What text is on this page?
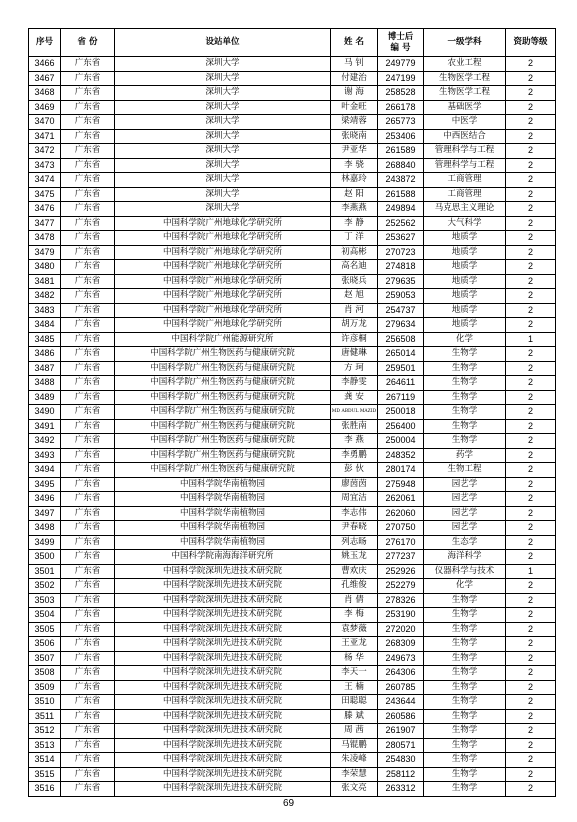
序号	省 份	设站单位	姓 名	博士后
编 号	一级学科	资助等级
3466	广东省	深圳大学	马 钊	249779	农业工程	2
3467	广东省	深圳大学	付建治	247199	生物医学工程	2
3468	广东省	深圳大学	谢 海	258528	生物医学工程	2
3469	广东省	深圳大学	叶金旺	266178	基础医学	2
3470	广东省	深圳大学	梁靖蓉	265773	中医学	2
3471	广东省	深圳大学	张晓南	253406	中西医结合	2
3472	广东省	深圳大学	尹亚华	261589	管理科学与工程	2
3473	广东省	深圳大学	李 骁	268840	管理科学与工程	2
3474	广东省	深圳大学	林嘉玲	243872	工商管理	2
3475	广东省	深圳大学	赵 阳	261588	工商管理	2
3476	广东省	深圳大学	李燕燕	249894	马克思主义理论	2
3477	广东省	中国科学院广州地球化学研究所	李 静	252562	大气科学	2
3478	广东省	中国科学院广州地球化学研究所	丁 洋	253627	地质学	2
3479	广东省	中国科学院广州地球化学研究所	初高彬	270723	地质学	2
3480	广东省	中国科学院广州地球化学研究所	高名迪	274818	地质学	2
3481	广东省	中国科学院广州地球化学研究所	张晓兵	279635	地质学	2
3482	广东省	中国科学院广州地球化学研究所	赵 旭	259053	地质学	2
3483	广东省	中国科学院广州地球化学研究所	肖 河	254737	地质学	2
3484	广东省	中国科学院广州地球化学研究所	胡万龙	279634	地质学	2
3485	广东省	中国科学院广州能源研究所	许彦桐	256508	化学	1
3486	广东省	中国科学院广州生物医药与健康研究院	唐健琳	265014	生物学	2
3487	广东省	中国科学院广州生物医药与健康研究院	方 珂	259501	生物学	2
3488	广东省	中国科学院广州生物医药与健康研究院	李静雯	264611	生物学	2
3489	广东省	中国科学院广州生物医药与健康研究院	龚 安	267119	生物学	2
3490	广东省	中国科学院广州生物医药与健康研究院	MD ABDUL MAZID	250018	生物学	2
3491	广东省	中国科学院广州生物医药与健康研究院	张胜南	256400	生物学	2
3492	广东省	中国科学院广州生物医药与健康研究院	李 燕	250004	生物学	2
3493	广东省	中国科学院广州生物医药与健康研究院	李勇鹏	248352	药学	2
3494	广东省	中国科学院广州生物医药与健康研究院	彭 伙	280174	生物工程	2
3495	广东省	中国科学院华南植物园	廖茵茵	275948	园艺学	2
3496	广东省	中国科学院华南植物园	周宜洁	262061	园艺学	2
3497	广东省	中国科学院华南植物园	李志伟	262060	园艺学	2
3498	广东省	中国科学院华南植物园	尹春晓	270750	园艺学	2
3499	广东省	中国科学院华南植物园	列志旸	276170	生态学	2
3500	广东省	中国科学院南海海洋研究所	姚玉龙	277237	海洋科学	2
3501	广东省	中国科学院深圳先进技术研究院	曹欢庆	252926	仪器科学与技术	1
3502	广东省	中国科学院深圳先进技术研究院	孔维俊	252279	化学	2
3503	广东省	中国科学院深圳先进技术研究院	肖 倩	278326	生物学	2
3504	广东省	中国科学院深圳先进技术研究院	李 梅	253190	生物学	2
3505	广东省	中国科学院深圳先进技术研究院	袁梦薇	272020	生物学	2
3506	广东省	中国科学院深圳先进技术研究院	王亚龙	268309	生物学	2
3507	广东省	中国科学院深圳先进技术研究院	杨 华	249673	生物学	2
3508	广东省	中国科学院深圳先进技术研究院	李天一	264306	生物学	2
3509	广东省	中国科学院深圳先进技术研究院	王 楠	260785	生物学	2
3510	广东省	中国科学院深圳先进技术研究院	田聪聪	243644	生物学	2
3511	广东省	中国科学院深圳先进技术研究院	滕 斌	260586	生物学	2
3512	广东省	中国科学院深圳先进技术研究院	周 茜	261907	生物学	2
3513	广东省	中国科学院深圳先进技术研究院	马锟鹏	280571	生物学	2
3514	广东省	中国科学院深圳先进技术研究院	朱凌峰	254830	生物学	2
3515	广东省	中国科学院深圳先进技术研究院	李荣慧	258112	生物学	2
3516	广东省	中国科学院深圳先进技术研究院	张文亮	263312	生物学	2
69
